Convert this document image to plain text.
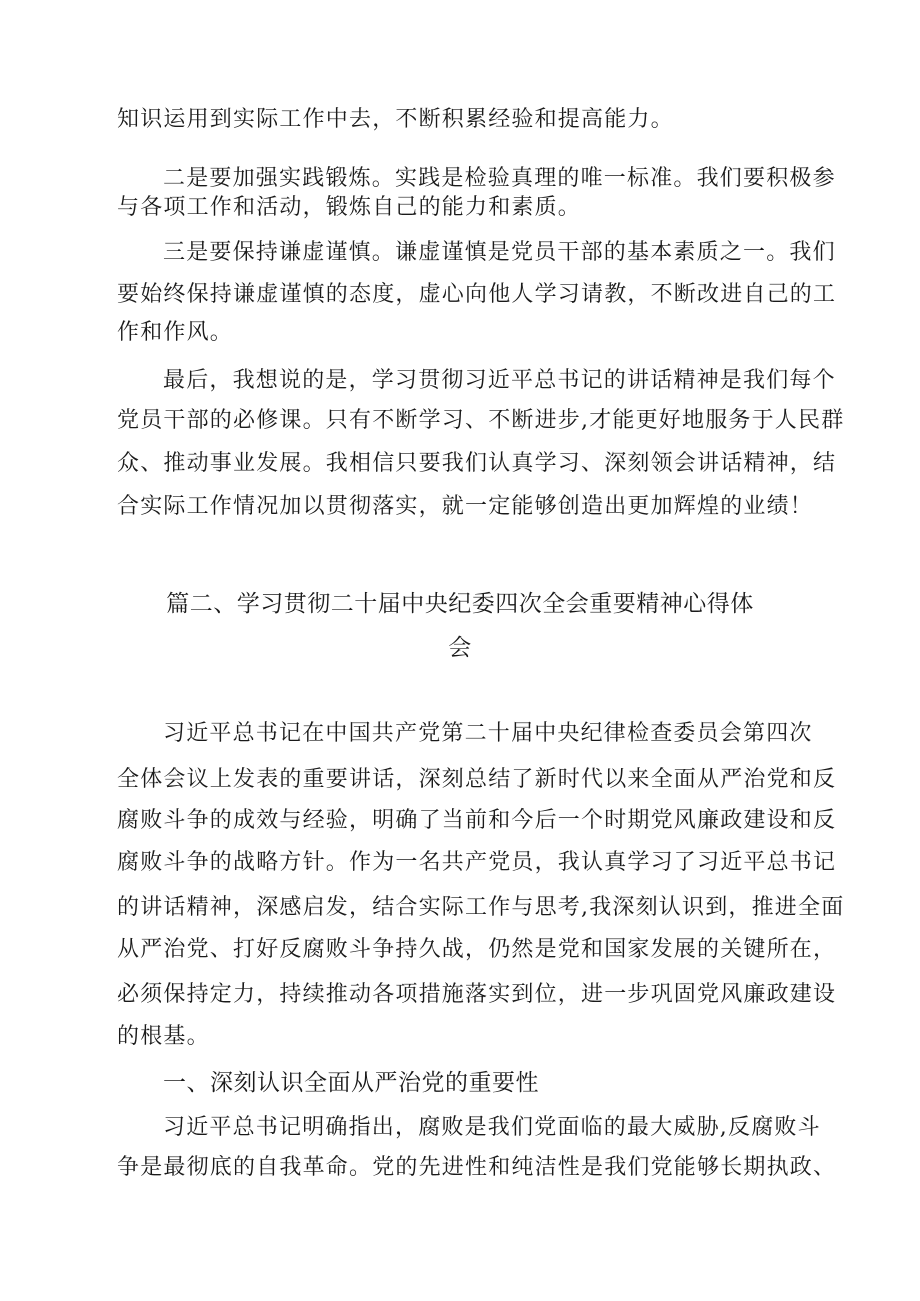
知识运用到实际工作中去，不断积累经验和提高能力。
二是要加强实践锻炼。实践是检验真理的唯一标准。我们要积极参
与各项工作和活动，锻炼自己的能力和素质。
三是要保持谦虚谨慎。谦虚谨慎是党员干部的基本素质之一。我们
要始终保持谦虚谨慎的态度，虚心向他人学习请教，不断改进自己的工
作和作风。
最后，我想说的是，学习贯彻习近平总书记的讲话精神是我们每个
党员干部的必修课。只有不断学习、不断进步,才能更好地服务于人民群
众、推动事业发展。我相信只要我们认真学习、深刻领会讲话精神，结
合实际工作情况加以贯彻落实，就一定能够创造出更加辉煌的业绩！
篇二、学习贯彻二十届中央纪委四次全会重要精神心得体
会
习近平总书记在中国共产党第二十届中央纪律检查委员会第四次
全体会议上发表的重要讲话，深刻总结了新时代以来全面从严治党和反
腐败斗争的成效与经验，明确了当前和今后一个时期党风廉政建设和反
腐败斗争的战略方针。作为一名共产党员，我认真学习了习近平总书记
的讲话精神，深感启发，结合实际工作与思考,我深刻认识到，推进全面
从严治党、打好反腐败斗争持久战，仍然是党和国家发展的关键所在，
必须保持定力，持续推动各项措施落实到位，进一步巩固党风廉政建设
的根基。
一、深刻认识全面从严治党的重要性
习近平总书记明确指出，腐败是我们党面临的最大威胁,反腐败斗
争是最彻底的自我革命。党的先进性和纯洁性是我们党能够长期执政、
